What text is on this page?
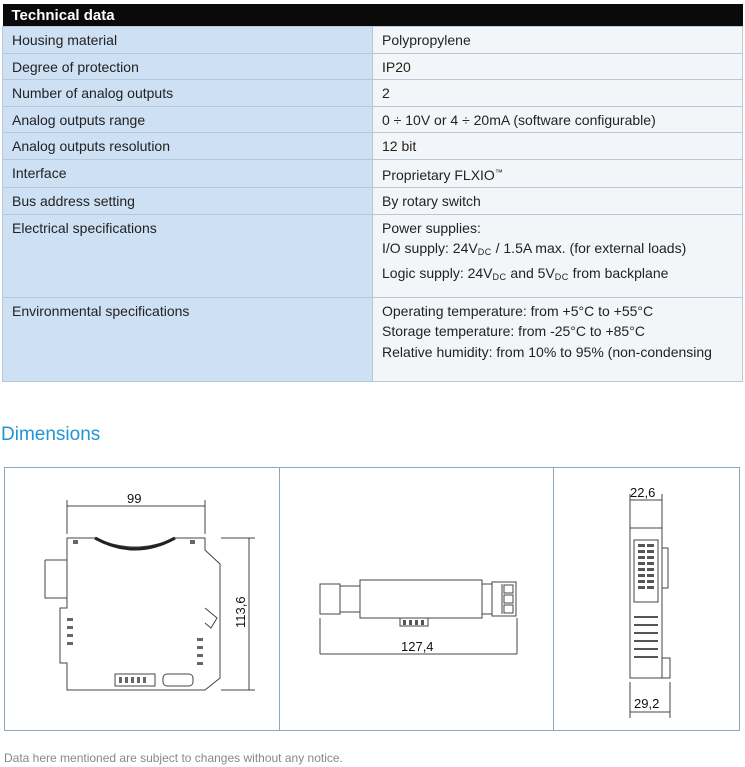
Technical data	
Housing material	Polypropylene
Degree of protection	IP20
Number of analog outputs	2
Analog outputs range	0 ÷ 10V or 4 ÷ 20mA (software configurable)
Analog outputs resolution	12 bit
Interface	Proprietary FLXIO™
Bus address setting	By rotary switch
Electrical specifications	Power supplies:
I/O supply: $24V_{DC} / 1.5A$ max. (for external loads)
Logic supply: $24V_{DC}$ and $5V_{DC}$ from backplane

Environmental specifications	Operating temperature: from +5°C to +55°C
Storage temperature: from -25°C to +85°C
Relative humidity: from 10% to 95% (non-condensing
Dimensions
99
113,6
127,4
22,6
29,2

Data here mentioned are subject to changes without any notice.
